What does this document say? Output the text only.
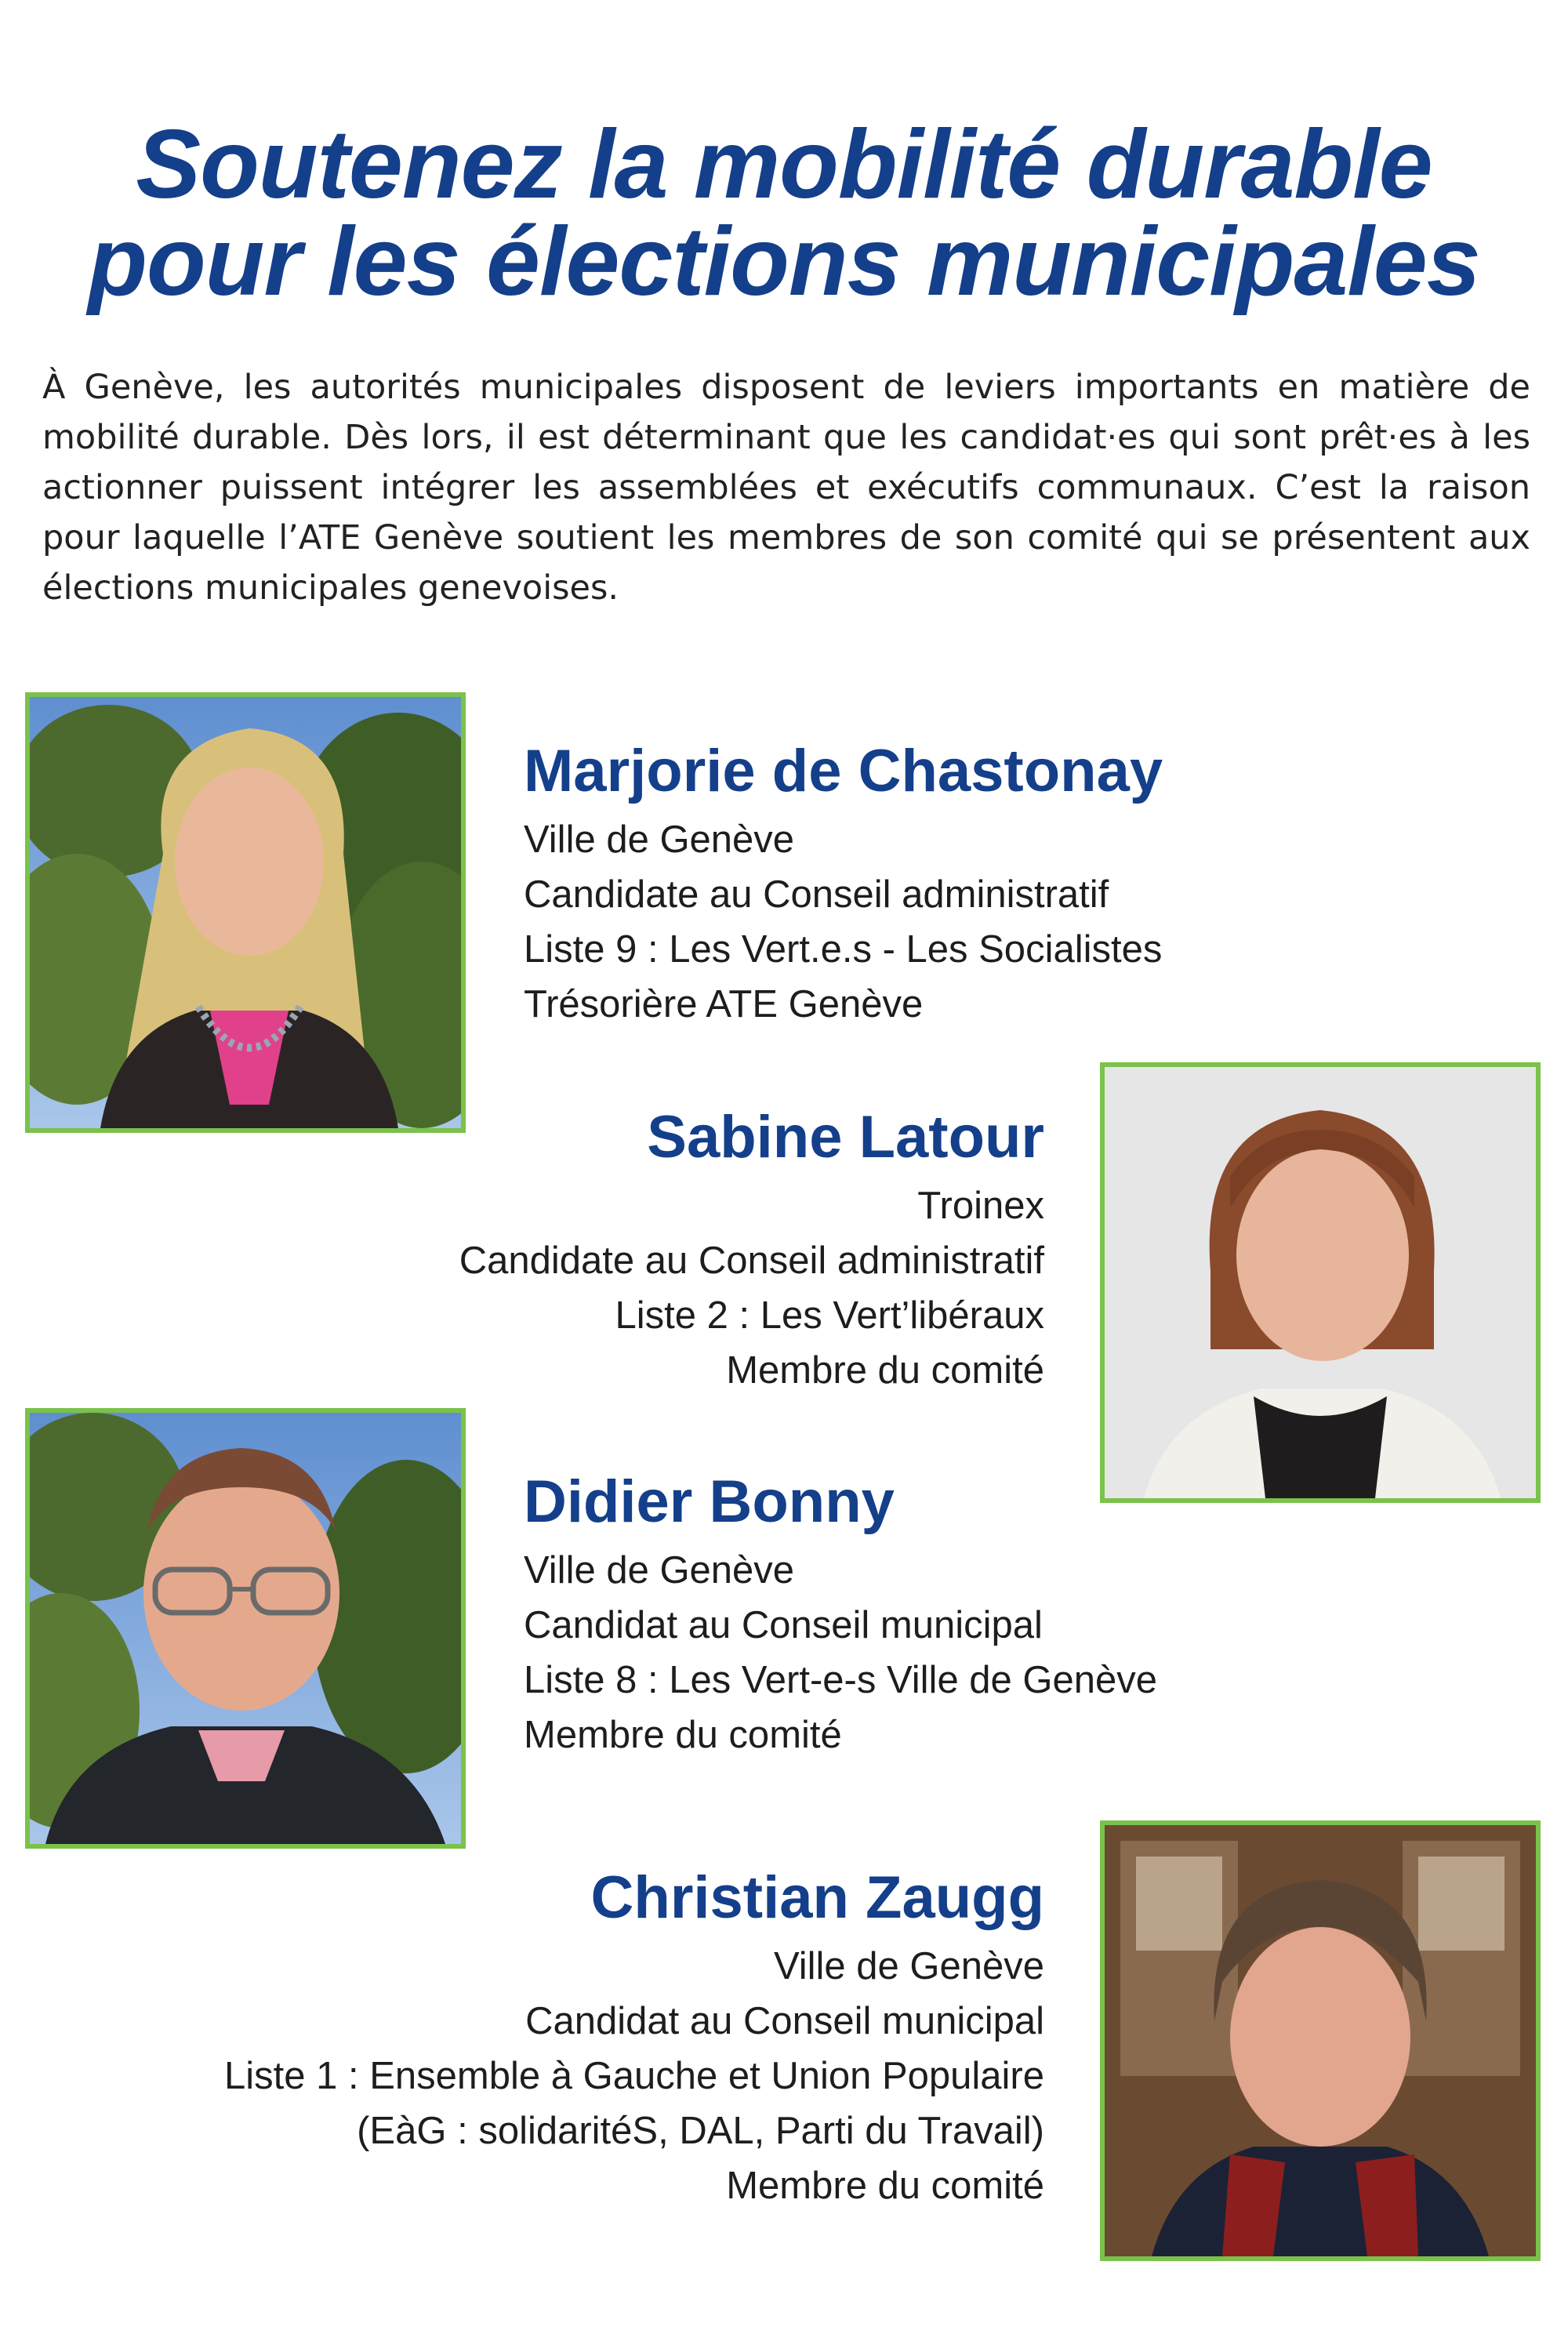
Soutenez la mobilité durable
pour les élections municipales

À Genève, les autorités municipales disposent de leviers importants en matière de mobilité durable. Dès lors, il est déterminant que les candidat·es qui sont prêt·es à les actionner puissent intégrer les assemblées et exécutifs communaux. C’est la raison pour laquelle l’ATE Genève soutient les membres de son comité qui se présentent aux élections municipales genevoises.

Marjorie de Chastonay
Ville de Genève
Candidate au Conseil administratif
Liste 9 : Les Vert.e.s - Les Socialistes
Trésorière ATE Genève
Sabine Latour
Troinex
Candidate au Conseil administratif
Liste 2 : Les Vert’libéraux
Membre du comité
Didier Bonny
Ville de Genève
Candidat au Conseil municipal
Liste 8 : Les Vert-e-s Ville de Genève
Membre du comité
Christian Zaugg
Ville de Genève
Candidat au Conseil municipal
Liste 1 : Ensemble à Gauche et Union Populaire
(EàG : solidaritéS, DAL, Parti du Travail)
Membre du comité
